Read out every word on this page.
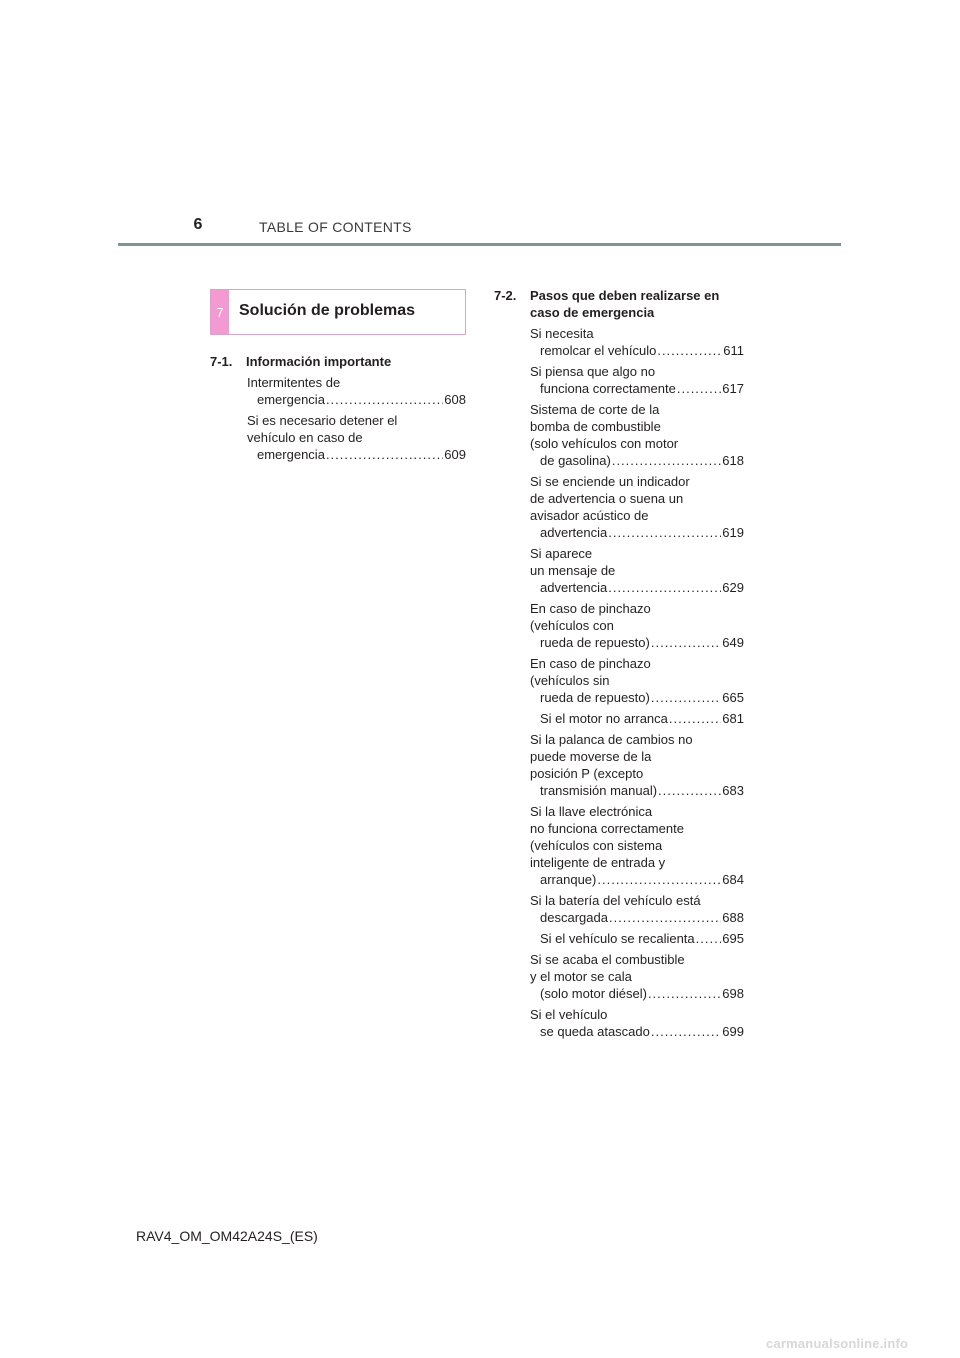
6	TABLE OF CONTENTS
7 Solución de problemas
7-1.	Información importante
Intermitentes de
emergencia .....	608
Si es necesario detener el
vehículo en caso de
emergencia .....	609
7-2.	Pasos que deben realizarse en
caso de emergencia
Si necesita
remolcar el vehículo .....	611
Si piensa que algo no
funciona correctamente .....	617
Sistema de corte de la
bomba de combustible
(solo vehículos con motor
de gasolina) .....	618
Si se enciende un indicador
de advertencia o suena un
avisador acústico de
advertencia .....	619
Si aparece
un mensaje de
advertencia .....	629
En caso de pinchazo
(vehículos con
rueda de repuesto) .....	649
En caso de pinchazo
(vehículos sin
rueda de repuesto) .....	665
Si el motor no arranca .....	681
Si la palanca de cambios no
puede moverse de la
posición P (excepto
transmisión manual) .....	683
Si la llave electrónica
no funciona correctamente
(vehículos con sistema
inteligente de entrada y
arranque) .....	684
Si la batería del vehículo está
descargada .....	688
Si el vehículo se recalienta ..... 695
Si se acaba el combustible
y el motor se cala
(solo motor diésel) .....	698
Si el vehículo
se queda atascado .....	699
RAV4_OM_OM42A24S_(ES)
carmanualsonline.info
